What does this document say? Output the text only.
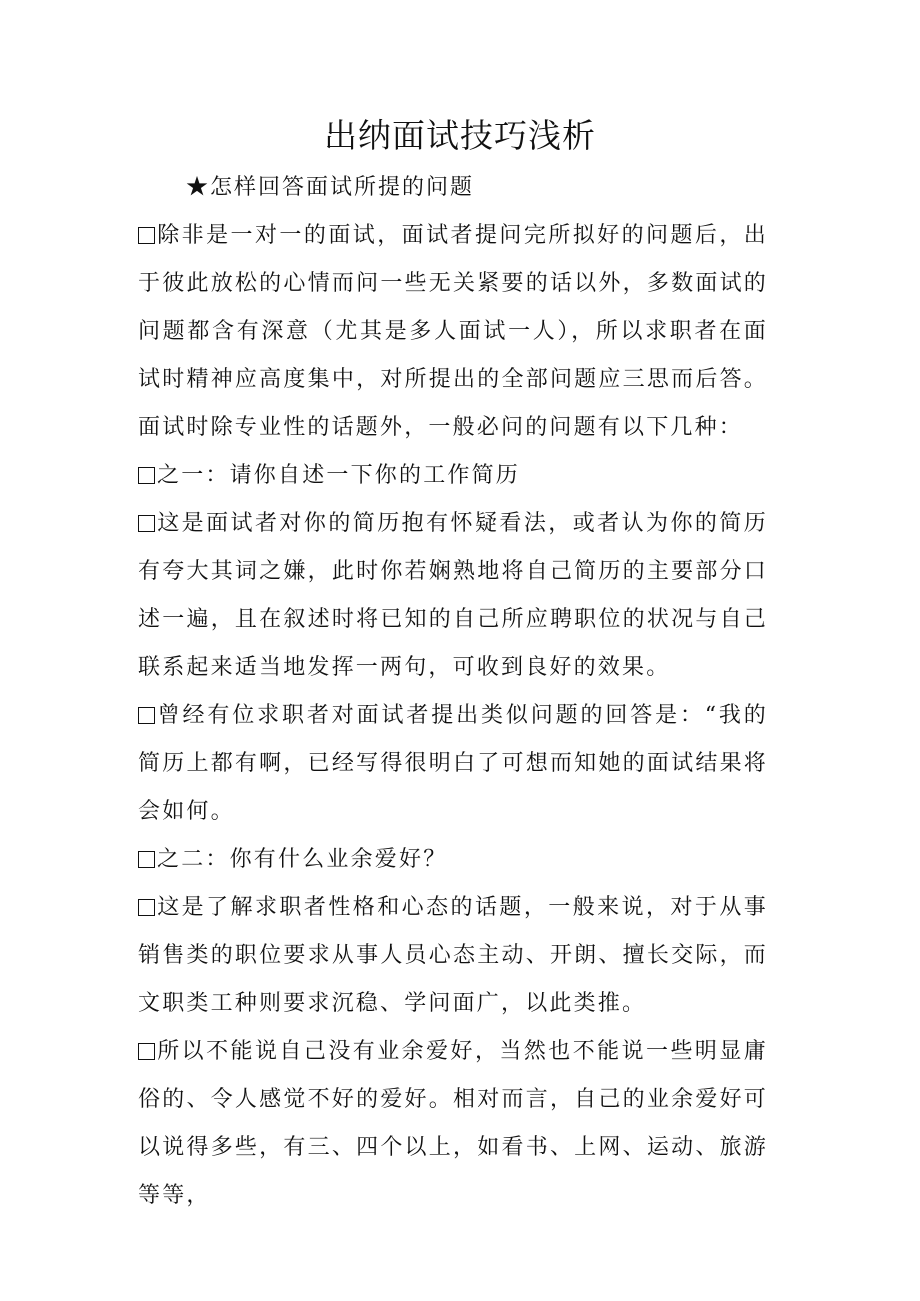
出纳面试技巧浅析

★怎样回答面试所提的问题

除非是一对一的面试，面试者提问完所拟好的问题后，出于彼此放松的心情而问一些无关紧要的话以外，多数面试的问题都含有深意（尤其是多人面试一人），所以求职者在面试时精神应高度集中，对所提出的全部问题应三思而后答。面试时除专业性的话题外，一般必问的问题有以下几种：

之一：请你自述一下你的工作简历

这是面试者对你的简历抱有怀疑看法，或者认为你的简历有夸大其词之嫌，此时你若娴熟地将自己简历的主要部分口述一遍，且在叙述时将已知的自己所应聘职位的状况与自己联系起来适当地发挥一两句，可收到良好的效果。

曾经有位求职者对面试者提出类似问题的回答是：“我的简历上都有啊，已经写得很明白了可想而知她的面试结果将会如何。

之二：你有什么业余爱好？

这是了解求职者性格和心态的话题，一般来说，对于从事销售类的职位要求从事人员心态主动、开朗、擅长交际，而文职类工种则要求沉稳、学问面广，以此类推。

所以不能说自己没有业余爱好，当然也不能说一些明显庸俗的、令人感觉不好的爱好。相对而言，自己的业余爱好可以说得多些，有三、四个以上，如看书、上网、运动、旅游等等，
